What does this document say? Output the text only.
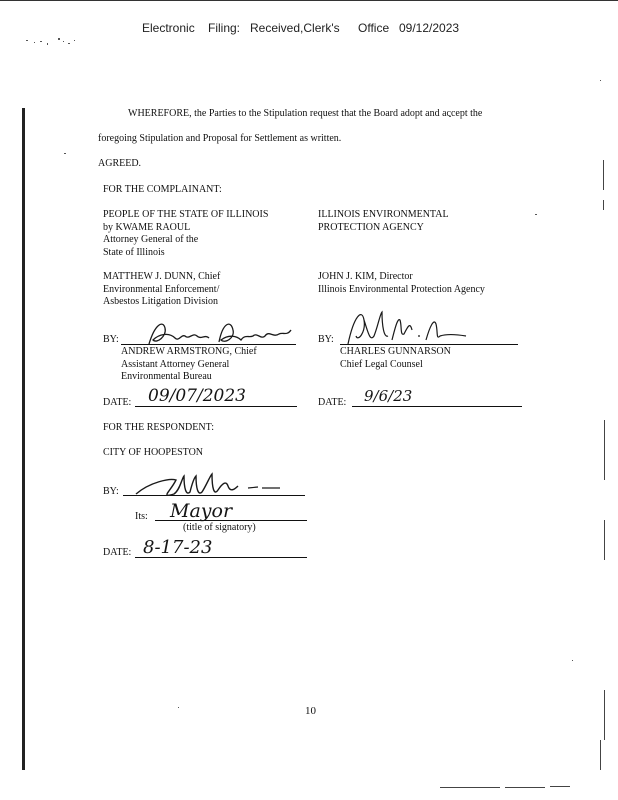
Electronic Filing: Received,Clerk's Office 09/12/2023
WHEREFORE, the Parties to the Stipulation request that the Board adopt and accept the
foregoing Stipulation and Proposal for Settlement as written.
AGREED.
FOR THE COMPLAINANT:
PEOPLE OF THE STATE OF ILLINOIS
by KWAME RAOUL
Attorney General of the
State of Illinois
MATTHEW J. DUNN, Chief
Environmental Enforcement/
Asbestos Litigation Division
ILLINOIS ENVIRONMENTAL
PROTECTION AGENCY
JOHN J. KIM, Director
Illinois Environmental Protection Agency
BY:
ANDREW ARMSTRONG, Chief
Assistant Attorney General
Environmental Bureau
DATE: 09/07/2023
BY:
CHARLES GUNNARSON
Chief Legal Counsel
DATE: 9/6/23
FOR THE RESPONDENT:
CITY OF HOOPESTON
BY:
Its: Mayor
(title of signatory)
DATE: 8-17-23
10
